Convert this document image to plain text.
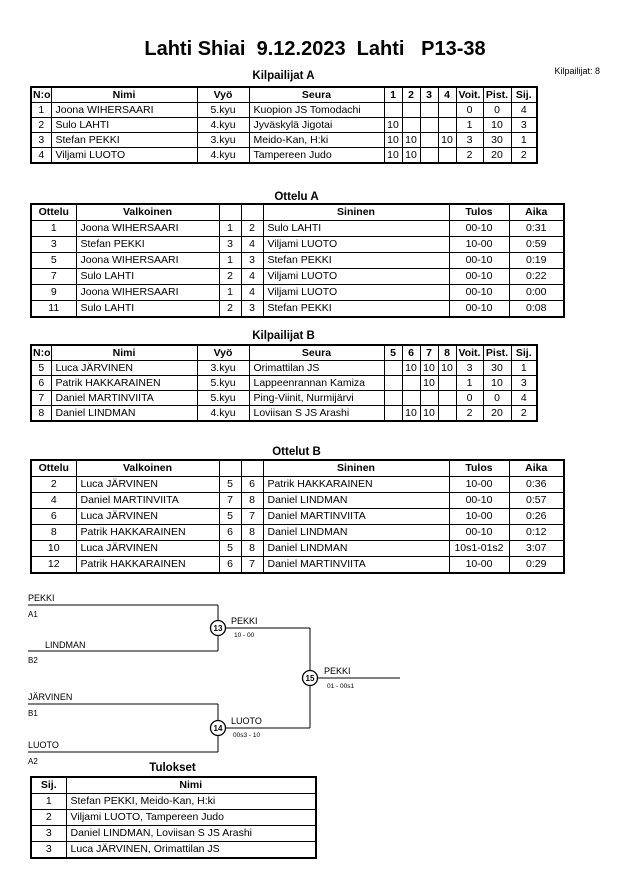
Lahti Shiai  9.12.2023  Lahti   P13-38
Kilpailijat: 8
Kilpailijat A
N:o	Nimi	Vyö	Seura	1	2	3	4	Voit.	Pist.	Sij.
1	Joona WIHERSAARI	5.kyu	Kuopion JS Tomodachi					0	0	4
2	Sulo LAHTI	4.kyu	Jyväskylä Jigotai	10				1	10	3
3	Stefan PEKKI	3.kyu	Meido-Kan, H:ki	10	10		10	3	30	1
4	Viljami LUOTO	4.kyu	Tampereen Judo	10	10			2	20	2
Ottelu A
Ottelu	Valkoinen			Sininen	Tulos	Aika
1	Joona WIHERSAARI	1	2	Sulo LAHTI	00-10	0:31
3	Stefan PEKKI	3	4	Viljami LUOTO	10-00	0:59
5	Joona WIHERSAARI	1	3	Stefan PEKKI	00-10	0:19
7	Sulo LAHTI	2	4	Viljami LUOTO	00-10	0:22
9	Joona WIHERSAARI	1	4	Viljami LUOTO	00-10	0:00
11	Sulo LAHTI	2	3	Stefan PEKKI	00-10	0:08
Kilpailijat B
N:o	Nimi	Vyö	Seura	5	6	7	8	Voit.	Pist.	Sij.
5	Luca JÄRVINEN	3.kyu	Orimattilan JS		10	10	10	3	30	1
6	Patrik HAKKARAINEN	5.kyu	Lappeenrannan Kamiza			10		1	10	3
7	Daniel MARTINVIITA	5.kyu	Ping-Viinit, Nurmijärvi					0	0	4
8	Daniel LINDMAN	4.kyu	Loviisan S JS Arashi		10	10		2	20	2
Ottelut B
Ottelu	Valkoinen			Sininen	Tulos	Aika
2	Luca JÄRVINEN	5	6	Patrik HAKKARAINEN	10-00	0:36
4	Daniel MARTINVIITA	7	8	Daniel LINDMAN	00-10	0:57
6	Luca JÄRVINEN	5	7	Daniel MARTINVIITA	10-00	0:26
8	Patrik HAKKARAINEN	6	8	Daniel LINDMAN	00-10	0:12
10	Luca JÄRVINEN	5	8	Daniel LINDMAN	10s1-01s2	3:07
12	Patrik HAKKARAINEN	6	7	Daniel MARTINVIITA	10-00	0:29
PEKKI
A1
LINDMAN
B2
PEKKI
10 - 00
JÄRVINEN
B1
LUOTO
A2
LUOTO
00s3 - 10
PEKKI
01 - 00s1
13
14
15
Tulokset
Sij.	Nimi
1	Stefan PEKKI, Meido-Kan, H:ki
2	Viljami LUOTO, Tampereen Judo
3	Daniel LINDMAN, Loviisan S JS Arashi
3	Luca JÄRVINEN, Orimattilan JS
